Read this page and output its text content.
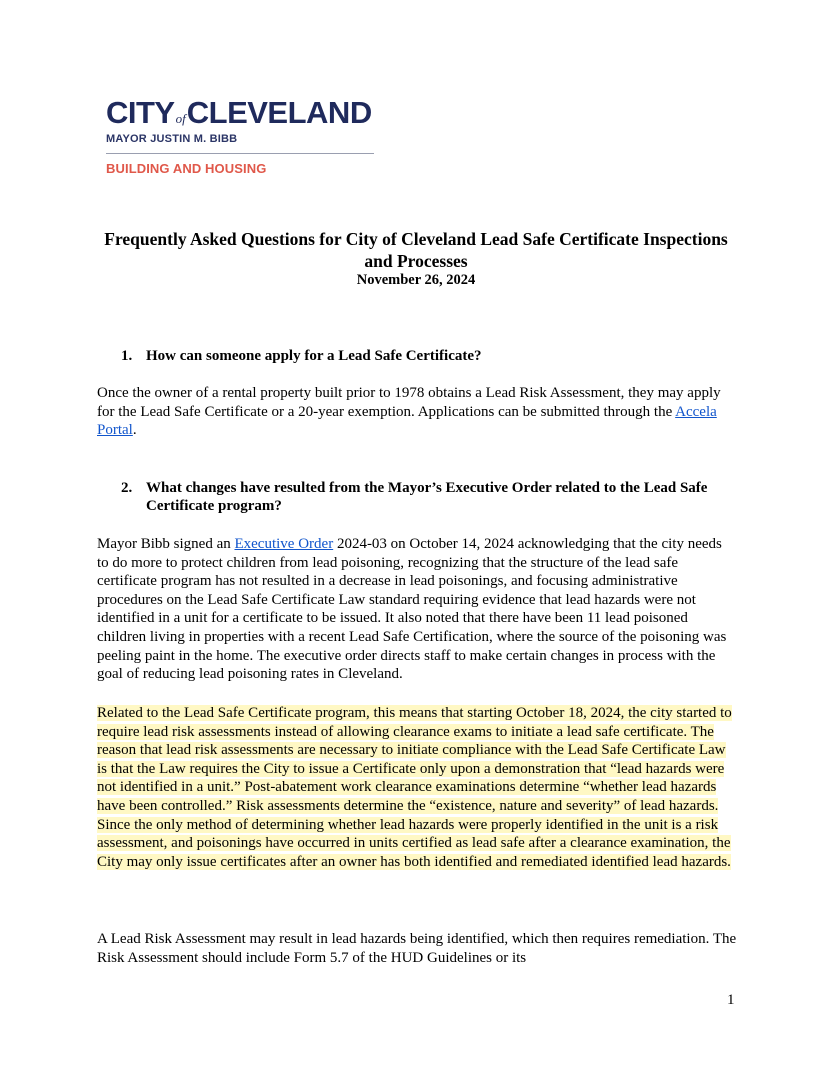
CITY of CLEVELAND
MAYOR JUSTIN M. BIBB
BUILDING AND HOUSING
Frequently Asked Questions for City of Cleveland Lead Safe Certificate Inspections and Processes
November 26, 2024
1. How can someone apply for a Lead Safe Certificate?
Once the owner of a rental property built prior to 1978 obtains a Lead Risk Assessment, they may apply for the Lead Safe Certificate or a 20-year exemption. Applications can be submitted through the Accela Portal.
2. What changes have resulted from the Mayor’s Executive Order related to the Lead Safe Certificate program?
Mayor Bibb signed an Executive Order 2024-03 on October 14, 2024 acknowledging that the city needs to do more to protect children from lead poisoning, recognizing that the structure of the lead safe certificate program has not resulted in a decrease in lead poisonings, and focusing administrative procedures on the Lead Safe Certificate Law standard requiring evidence that lead hazards were not identified in a unit for a certificate to be issued. It also noted that there have been 11 lead poisoned children living in properties with a recent Lead Safe Certification, where the source of the poisoning was peeling paint in the home. The executive order directs staff to make certain changes in process with the goal of reducing lead poisoning rates in Cleveland.
Related to the Lead Safe Certificate program, this means that starting October 18, 2024, the city started to require lead risk assessments instead of allowing clearance exams to initiate a lead safe certificate. The reason that lead risk assessments are necessary to initiate compliance with the Lead Safe Certificate Law is that the Law requires the City to issue a Certificate only upon a demonstration that “lead hazards were not identified in a unit.” Post-abatement work clearance examinations determine “whether lead hazards have been controlled.” Risk assessments determine the “existence, nature and severity” of lead hazards. Since the only method of determining whether lead hazards were properly identified in the unit is a risk assessment, and poisonings have occurred in units certified as lead safe after a clearance examination, the City may only issue certificates after an owner has both identified and remediated identified lead hazards.
A Lead Risk Assessment may result in lead hazards being identified, which then requires remediation. The Risk Assessment should include Form 5.7 of the HUD Guidelines or its
1
